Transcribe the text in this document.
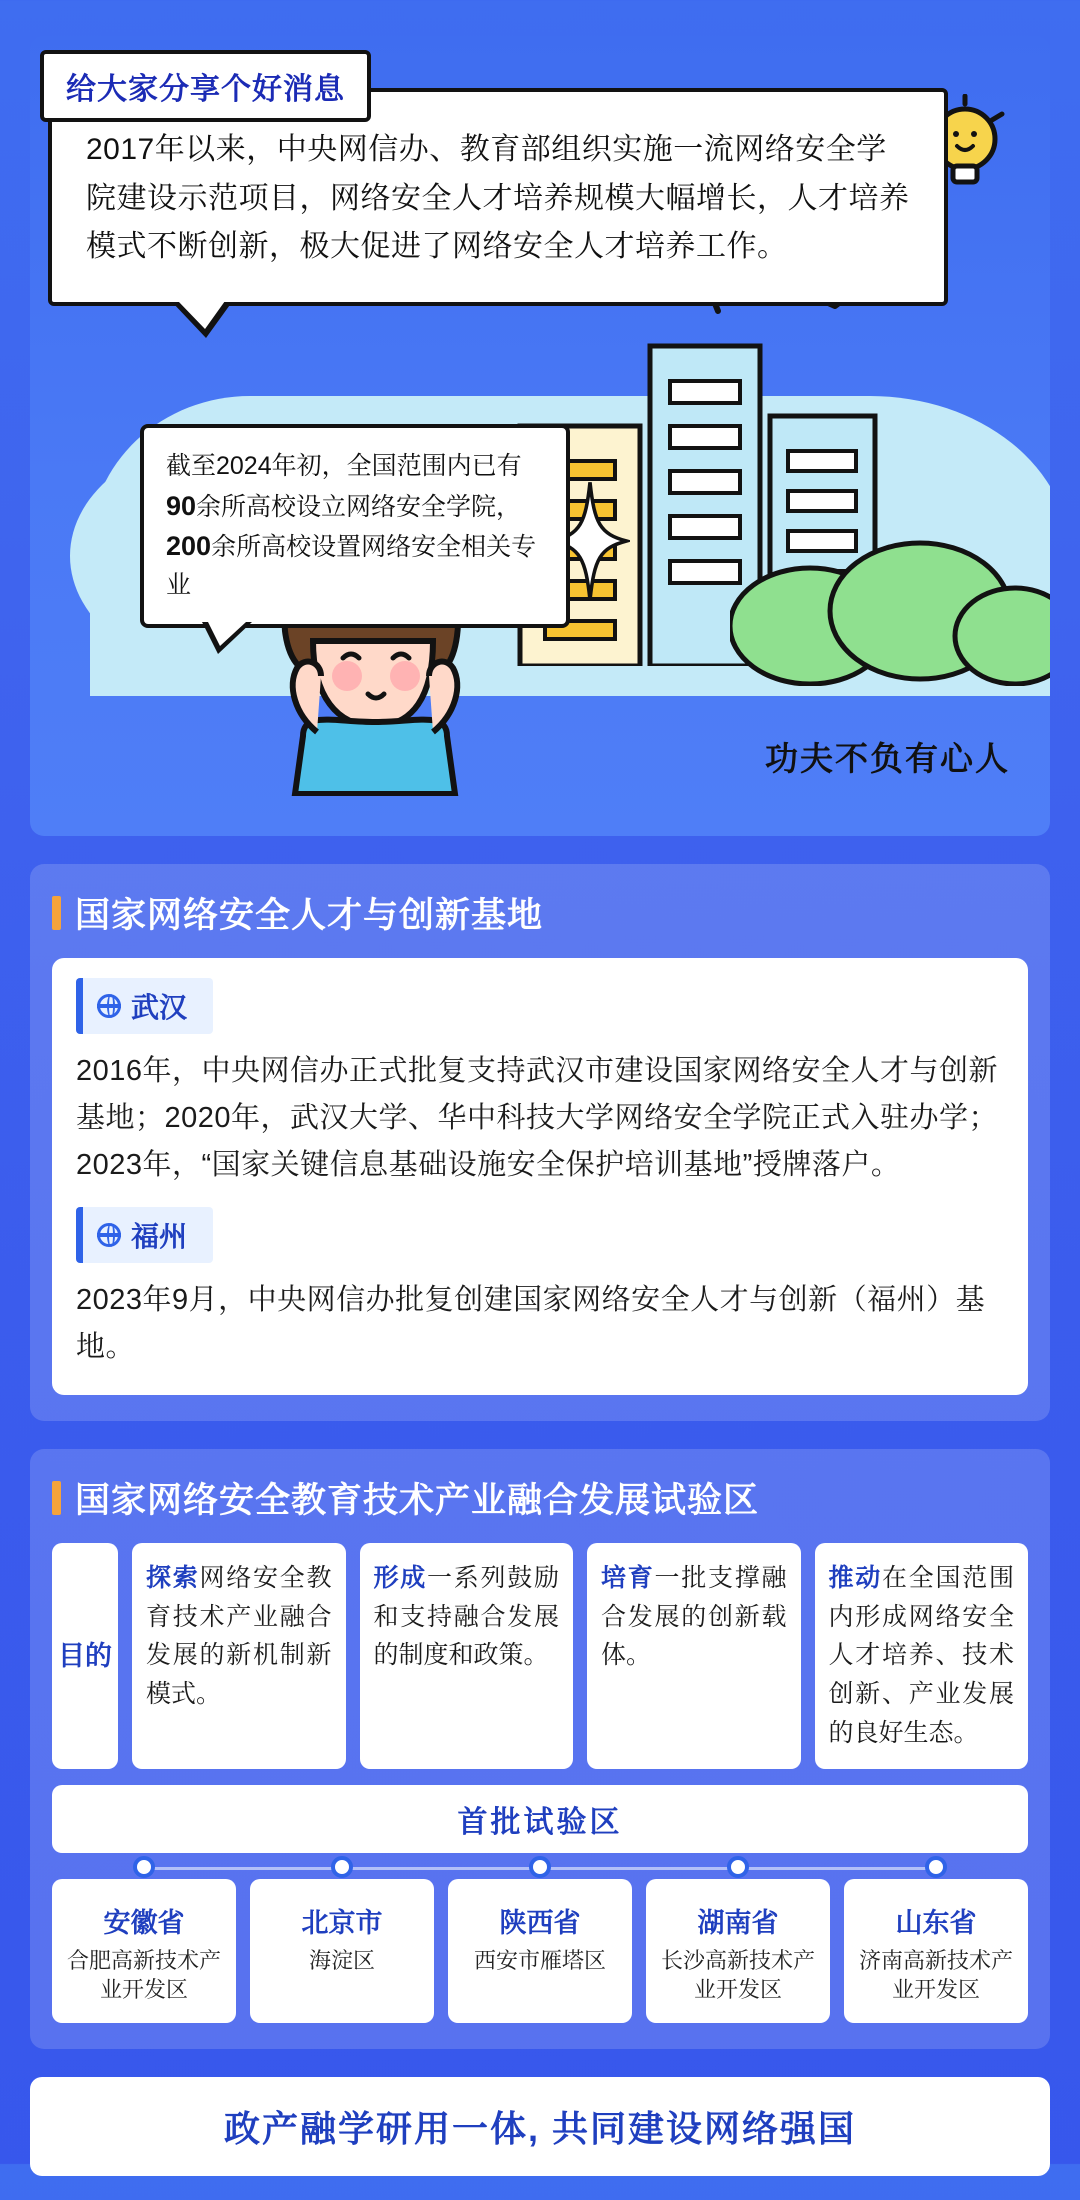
2017年以来，中央网信办、教育部组织实施一流网络安全学院建设示范项目，网络安全人才培养规模大幅增长，人才培养模式不断创新，极大促进了网络安全人才培养工作。

给大家分享个好消息

截至2024年初，全国范围内已有90余所高校设立网络安全学院，200余所高校设置网络安全相关专业

功夫不负有心人
国家网络安全人才与创新基地
武汉
2016年，中央网信办正式批复支持武汉市建设国家网络安全人才与创新基地；2020年，武汉大学、华中科技大学网络安全学院正式入驻办学；2023年，“国家关键信息基础设施安全保护培训基地”授牌落户。
福州
2023年9月，中央网信办批复创建国家网络安全人才与创新（福州）基地。
国家网络安全教育技术产业融合发展试验区
目的
探索网络安全教育技术产业融合发展的新机制新模式。
形成一系列鼓励和支持融合发展的制度和政策。
培育一批支撑融合发展的创新载体。
推动在全国范围内形成网络安全人才培养、技术创新、产业发展的良好生态。
首批试验区
安徽省
合肥高新技术产业开发区
北京市
海淀区
陕西省
西安市雁塔区
湖南省
长沙高新技术产业开发区
山东省
济南高新技术产业开发区
政产融学研用一体, 共同建设网络强国
